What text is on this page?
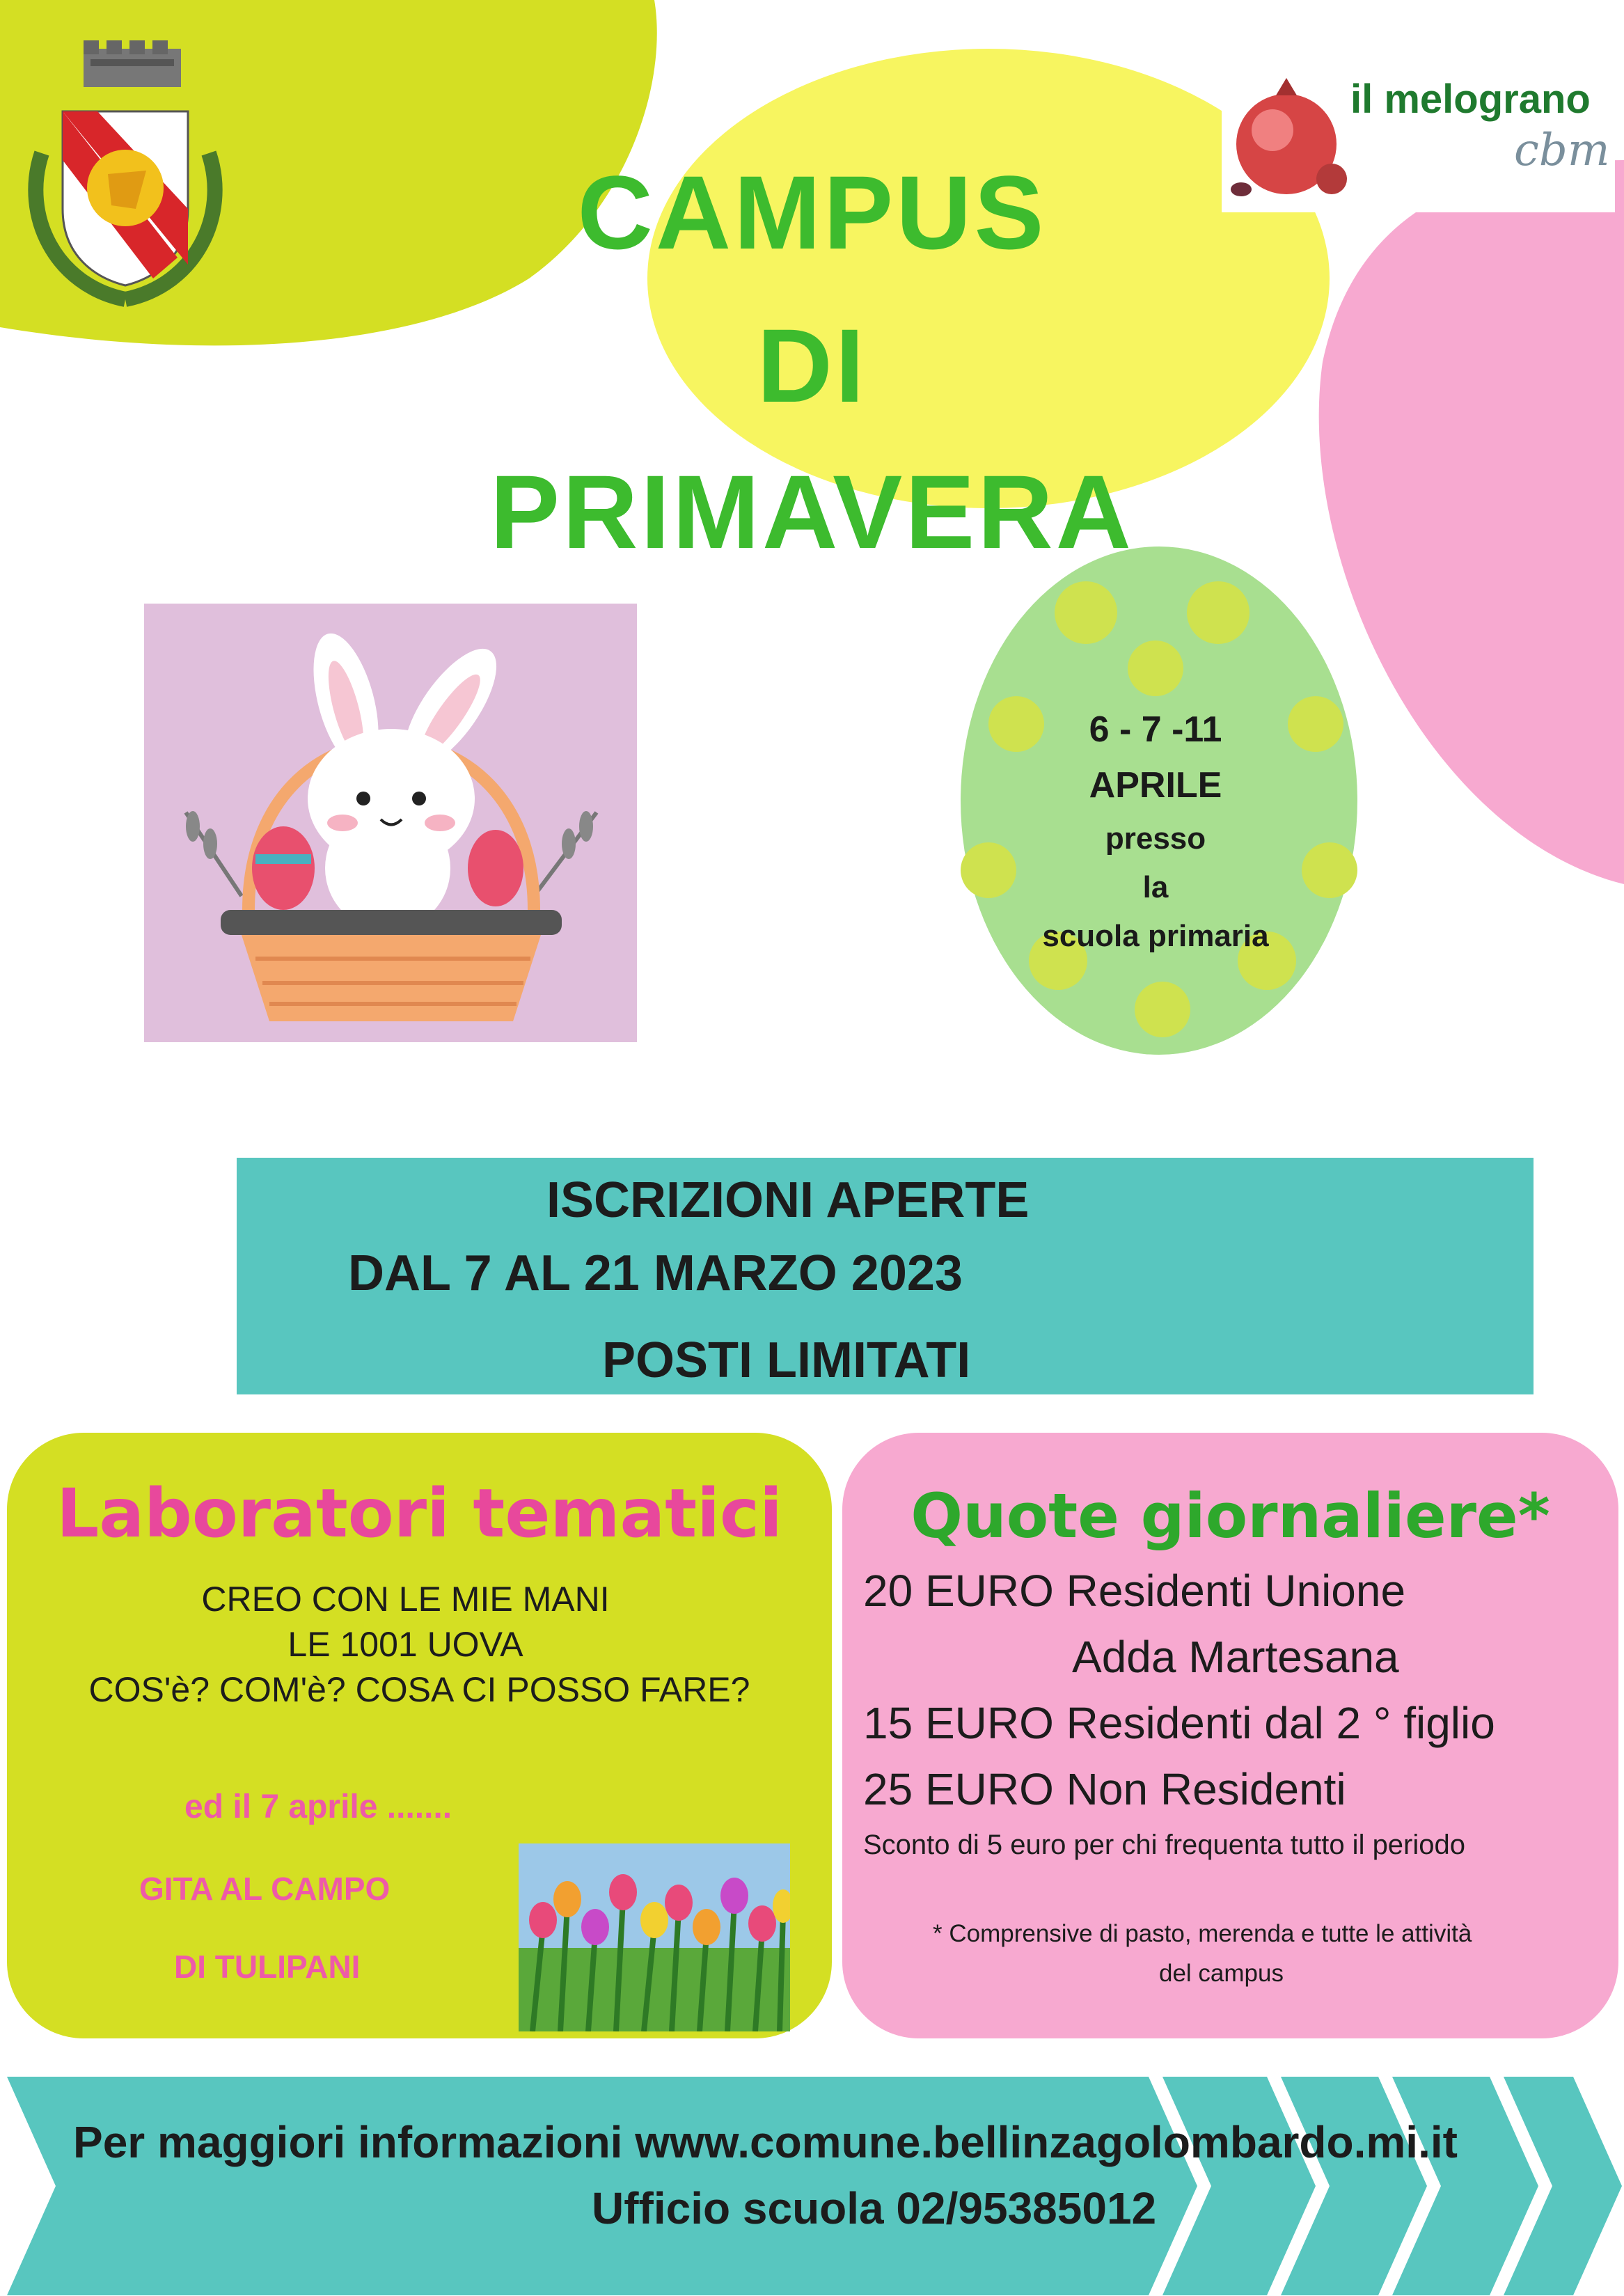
il melograno
cbm
CAMPUS
DI
PRIMAVERA
6 - 7 -11
APRILE
presso
la
scuola primaria
ISCRIZIONI APERTE
DAL 7 AL 21 MARZO 2023
POSTI LIMITATI
Laboratori tematici
CREO CON LE MIE MANI
LE 1001 UOVA
COS'è? COM'è? COSA CI POSSO FARE?
ed il 7 aprile .......
GITA AL CAMPO
DI TULIPANI
Quote giornaliere*
20 EURO Residenti Unione
Adda Martesana
15 EURO Residenti dal 2 ° figlio
25 EURO Non Residenti
Sconto di 5 euro per chi frequenta tutto il periodo
* Comprensive di pasto, merenda e tutte le attività
del campus
Per maggiori informazioni www.comune.bellinzagolombardo.mi.it
Ufficio scuola 02/95385012
